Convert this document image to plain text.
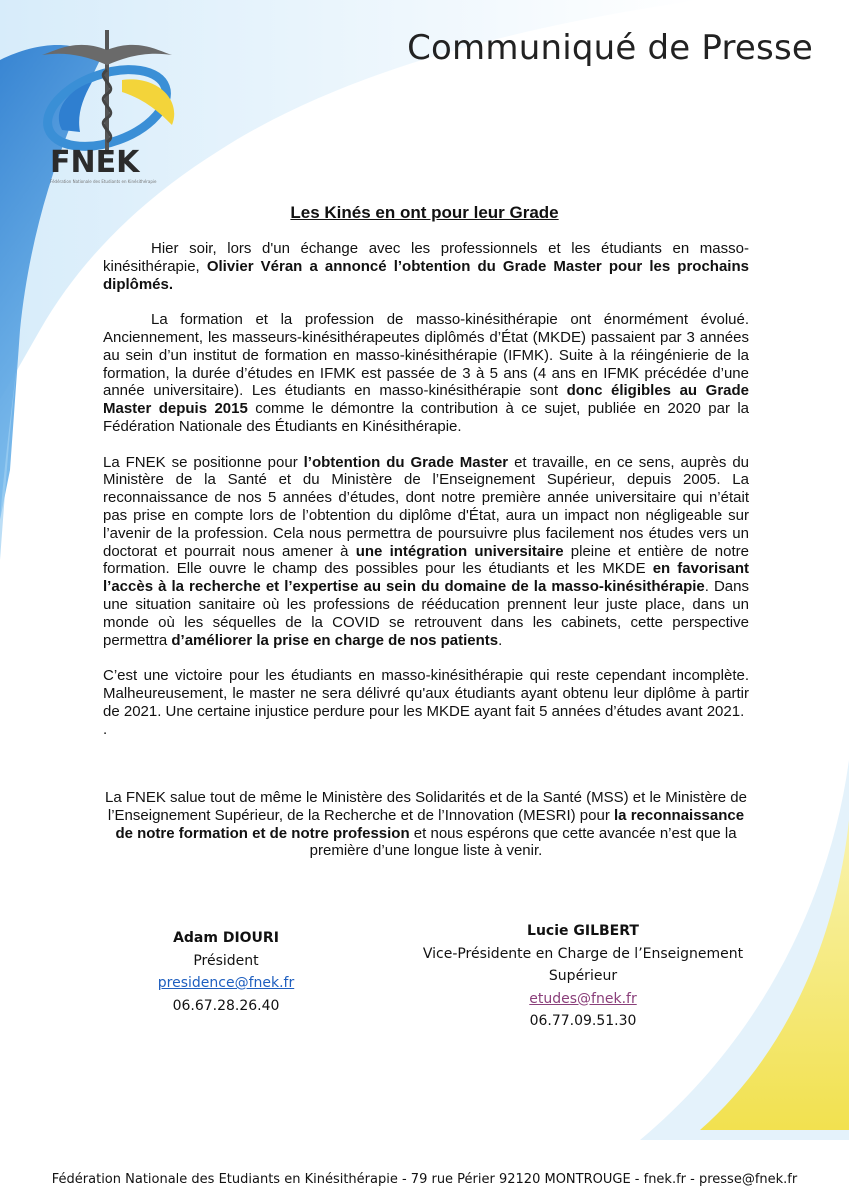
FNEK
Fédération Nationale des Etudiants en Kinésithérapie
Communiqué de Presse
Les Kinés en ont pour leur Grade

Hier soir, lors d'un échange avec les professionnels et les étudiants en masso-kinésithérapie, Olivier Véran a annoncé l’obtention du Grade Master pour les prochains diplômés.

La formation et la profession de masso-kinésithérapie ont énormément évolué. Anciennement, les masseurs-kinésithérapeutes diplômés d’État (MKDE) passaient par 3 années au sein d’un institut de formation en masso-kinésithérapie (IFMK). Suite à la réingénierie de la formation, la durée d’études en IFMK est passée de 3 à 5 ans (4 ans en IFMK précédée d’une année universitaire). Les étudiants en masso-kinésithérapie sont donc éligibles au Grade Master depuis 2015 comme le démontre la contribution à ce sujet, publiée en 2020 par la Fédération Nationale des Étudiants en Kinésithérapie.

La FNEK se positionne pour l’obtention du Grade Master et travaille, en ce sens, auprès du Ministère de la Santé et du Ministère de l’Enseignement Supérieur, depuis 2005. La reconnaissance de nos 5 années d’études, dont notre première année universitaire qui n’était pas prise en compte lors de l’obtention du diplôme d'État, aura un impact non négligeable sur l’avenir de la profession. Cela nous permettra de poursuivre plus facilement nos études vers un doctorat et pourrait nous amener à une intégration universitaire pleine et entière de notre formation. Elle ouvre le champ des possibles pour les étudiants et les MKDE en favorisant l’accès à la recherche et l’expertise au sein du domaine de la masso-kinésithérapie. Dans une situation sanitaire où les professions de rééducation prennent leur juste place, dans un monde où les séquelles de la COVID se retrouvent dans les cabinets, cette perspective permettra d’améliorer la prise en charge de nos patients.

C’est une victoire pour les étudiants en masso-kinésithérapie qui reste cependant incomplète. Malheureusement, le master ne sera délivré qu'aux étudiants ayant obtenu leur diplôme à partir de 2021. Une certaine injustice perdure pour les MKDE ayant fait 5 années d’études avant 2021.

.

La FNEK salue tout de même le Ministère des Solidarités et de la Santé (MSS) et le Ministère de l’Enseignement Supérieur, de la Recherche et de l’Innovation (MESRI) pour la reconnaissance de notre formation et de notre profession et nous espérons que cette avancée n’est que la première d’une longue liste à venir.

Adam DIOURI
Président
presidence@fnek.fr
06.67.28.26.40
Lucie GILBERT
Vice-Présidente en Charge de l’Enseignement Supérieur
etudes@fnek.fr
06.77.09.51.30
Fédération Nationale des Etudiants en Kinésithérapie - 79 rue Périer 92120 MONTROUGE - fnek.fr - presse@fnek.fr
